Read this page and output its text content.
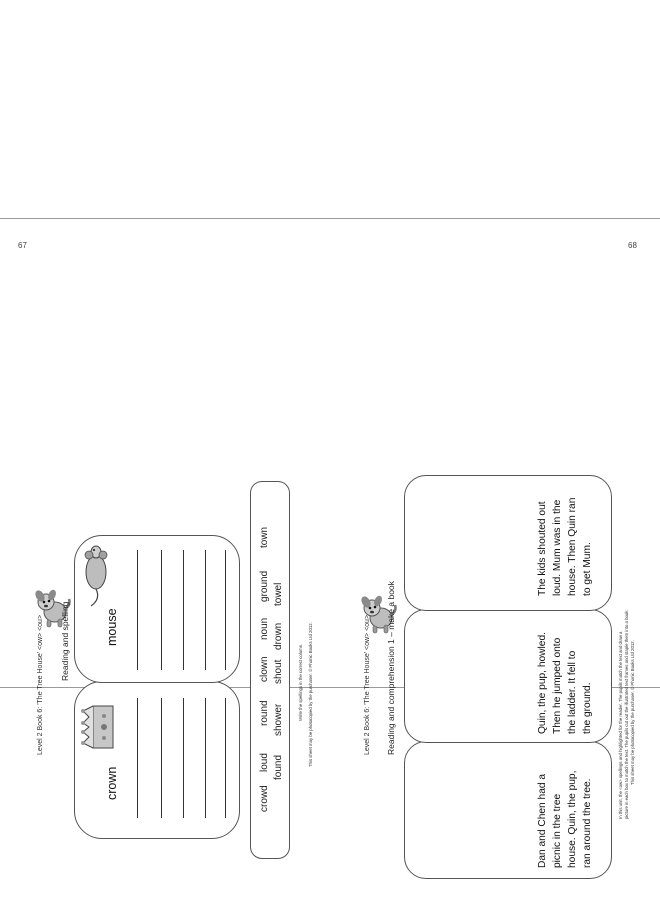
67	68
Level 2 Book 6: 'The Tree House' <ow> <ou> Reading and spelling
crown
mouse
crowd
loud found
round shower
clown shout
noun drown
ground towel
town
Write the spellings in the correct column. This sheet may be photocopied by the purchaser. © Phonic Books Ltd 2012.	Level 2 Book 6: 'The Tree House' <ow> <ou> Reading and comprehension 1 – make a book
Dan and Chen had a picnic in the tree house. Quin, the pup, ran around the tree.
Quin, the pup, howled. Then he jumped onto the ladder. It fell to the ground.
The kids shouted out loud. Mum was in the house. Then Quin ran to get Mum.
In this unit, the <ow> spellings and highlighted for the reader. The pupils match the text and draw a picture in each box to match the text. The pupils cut out the illustrated text frames and staple them into a book. This sheet may be photocopied by the purchaser. © Phonic Books Ltd 2012.
